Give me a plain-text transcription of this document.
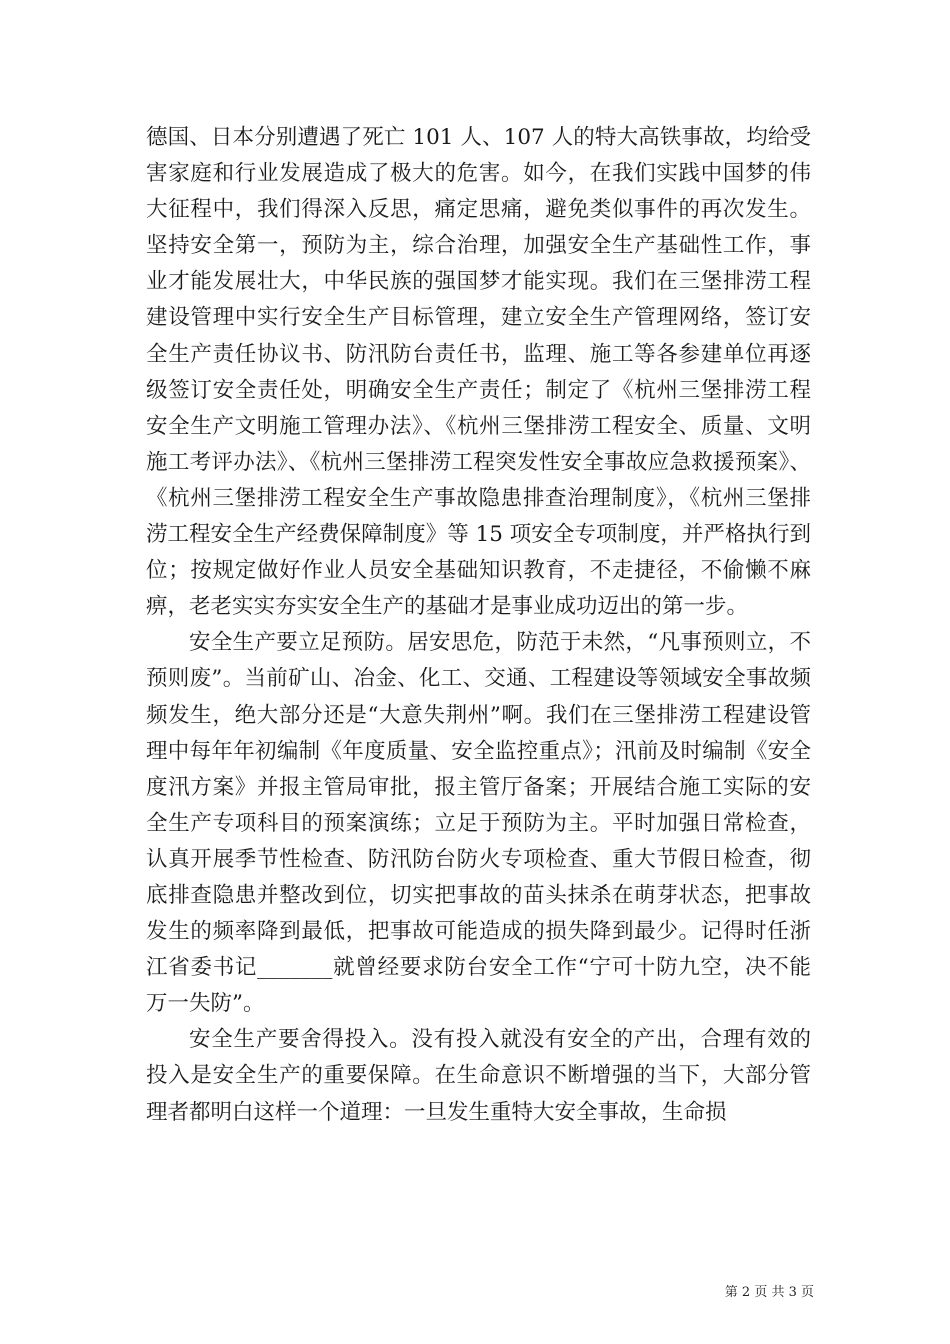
德国、日本分别遭遇了死亡 101 人、107 人的特大高铁事故，均给受害家庭和行业发展造成了极大的危害。如今，在我们实践中国梦的伟大征程中，我们得深入反思，痛定思痛，避免类似事件的再次发生。坚持安全第一，预防为主，综合治理，加强安全生产基础性工作，事业才能发展壮大，中华民族的强国梦才能实现。我们在三堡排涝工程建设管理中实行安全生产目标管理，建立安全生产管理网络，签订安全生产责任协议书、防汛防台责任书，监理、施工等各参建单位再逐级签订安全责任处，明确安全生产责任；制定了《杭州三堡排涝工程安全生产文明施工管理办法》、《杭州三堡排涝工程安全、质量、文明施工考评办法》、《杭州三堡排涝工程突发性安全事故应急救援预案》、《杭州三堡排涝工程安全生产事故隐患排查治理制度》，《杭州三堡排涝工程安全生产经费保障制度》等 15 项安全专项制度，并严格执行到位；按规定做好作业人员安全基础知识教育，不走捷径，不偷懒不麻痹，老老实实夯实安全生产的基础才是事业成功迈出的第一步。

安全生产要立足预防。居安思危，防范于未然，“凡事预则立，不预则废”。当前矿山、冶金、化工、交通、工程建设等领域安全事故频频发生，绝大部分还是“大意失荆州”啊。我们在三堡排涝工程建设管理中每年年初编制《年度质量、安全监控重点》；汛前及时编制《安全度汛方案》并报主管局审批，报主管厅备案；开展结合施工实际的安全生产专项科目的预案演练；立足于预防为主。平时加强日常检查，认真开展季节性检查、防汛防台防火专项检查、重大节假日检查，彻底排查隐患并整改到位，切实把事故的苗头抹杀在萌芽状态，把事故发生的频率降到最低，把事故可能造成的损失降到最少。记得时任浙江省委书记_______就曾经要求防台安全工作“宁可十防九空，决不能万一失防”。

安全生产要舍得投入。没有投入就没有安全的产出，合理有效的投入是安全生产的重要保障。在生命意识不断增强的当下，大部分管理者都明白这样一个道理：一旦发生重特大安全事故，生命损

第 2 页 共 3 页
